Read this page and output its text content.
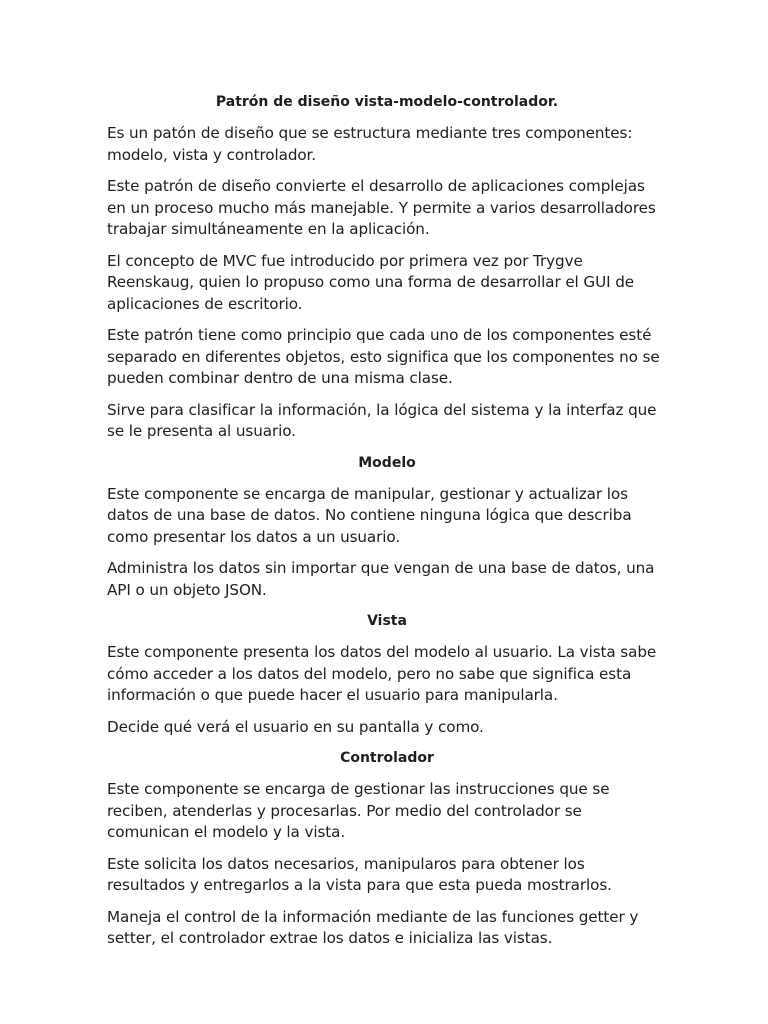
Patrón de diseño vista-modelo-controlador.

Es un patón de diseño que se estructura mediante tres componentes: modelo, vista y controlador.

Este patrón de diseño convierte el desarrollo de aplicaciones complejas en un proceso mucho más manejable. Y permite a varios desarrolladores trabajar simultáneamente en la aplicación.

El concepto de MVC fue introducido por primera vez por Trygve Reenskaug, quien lo propuso como una forma de desarrollar el GUI de aplicaciones de escritorio.

Este patrón tiene como principio que cada uno de los componentes esté separado en diferentes objetos, esto significa que los componentes no se pueden combinar dentro de una misma clase.

Sirve para clasificar la información, la lógica del sistema y la interfaz que se le presenta al usuario.

Modelo

Este componente se encarga de manipular, gestionar y actualizar los datos de una base de datos. No contiene ninguna lógica que describa como presentar los datos a un usuario.

Administra los datos sin importar que vengan de una base de datos, una API o un objeto JSON.

Vista

Este componente presenta los datos del modelo al usuario. La vista sabe cómo acceder a los datos del modelo, pero no sabe que significa esta información o que puede hacer el usuario para manipularla.

Decide qué verá el usuario en su pantalla y como.

Controlador

Este componente se encarga de gestionar las instrucciones que se reciben, atenderlas y procesarlas. Por medio del controlador se comunican el modelo y la vista.

Este solicita los datos necesarios, manipularos para obtener los resultados y entregarlos a la vista para que esta pueda mostrarlos.

Maneja el control de la información mediante de las funciones getter y setter, el controlador extrae los datos e inicializa las vistas.
